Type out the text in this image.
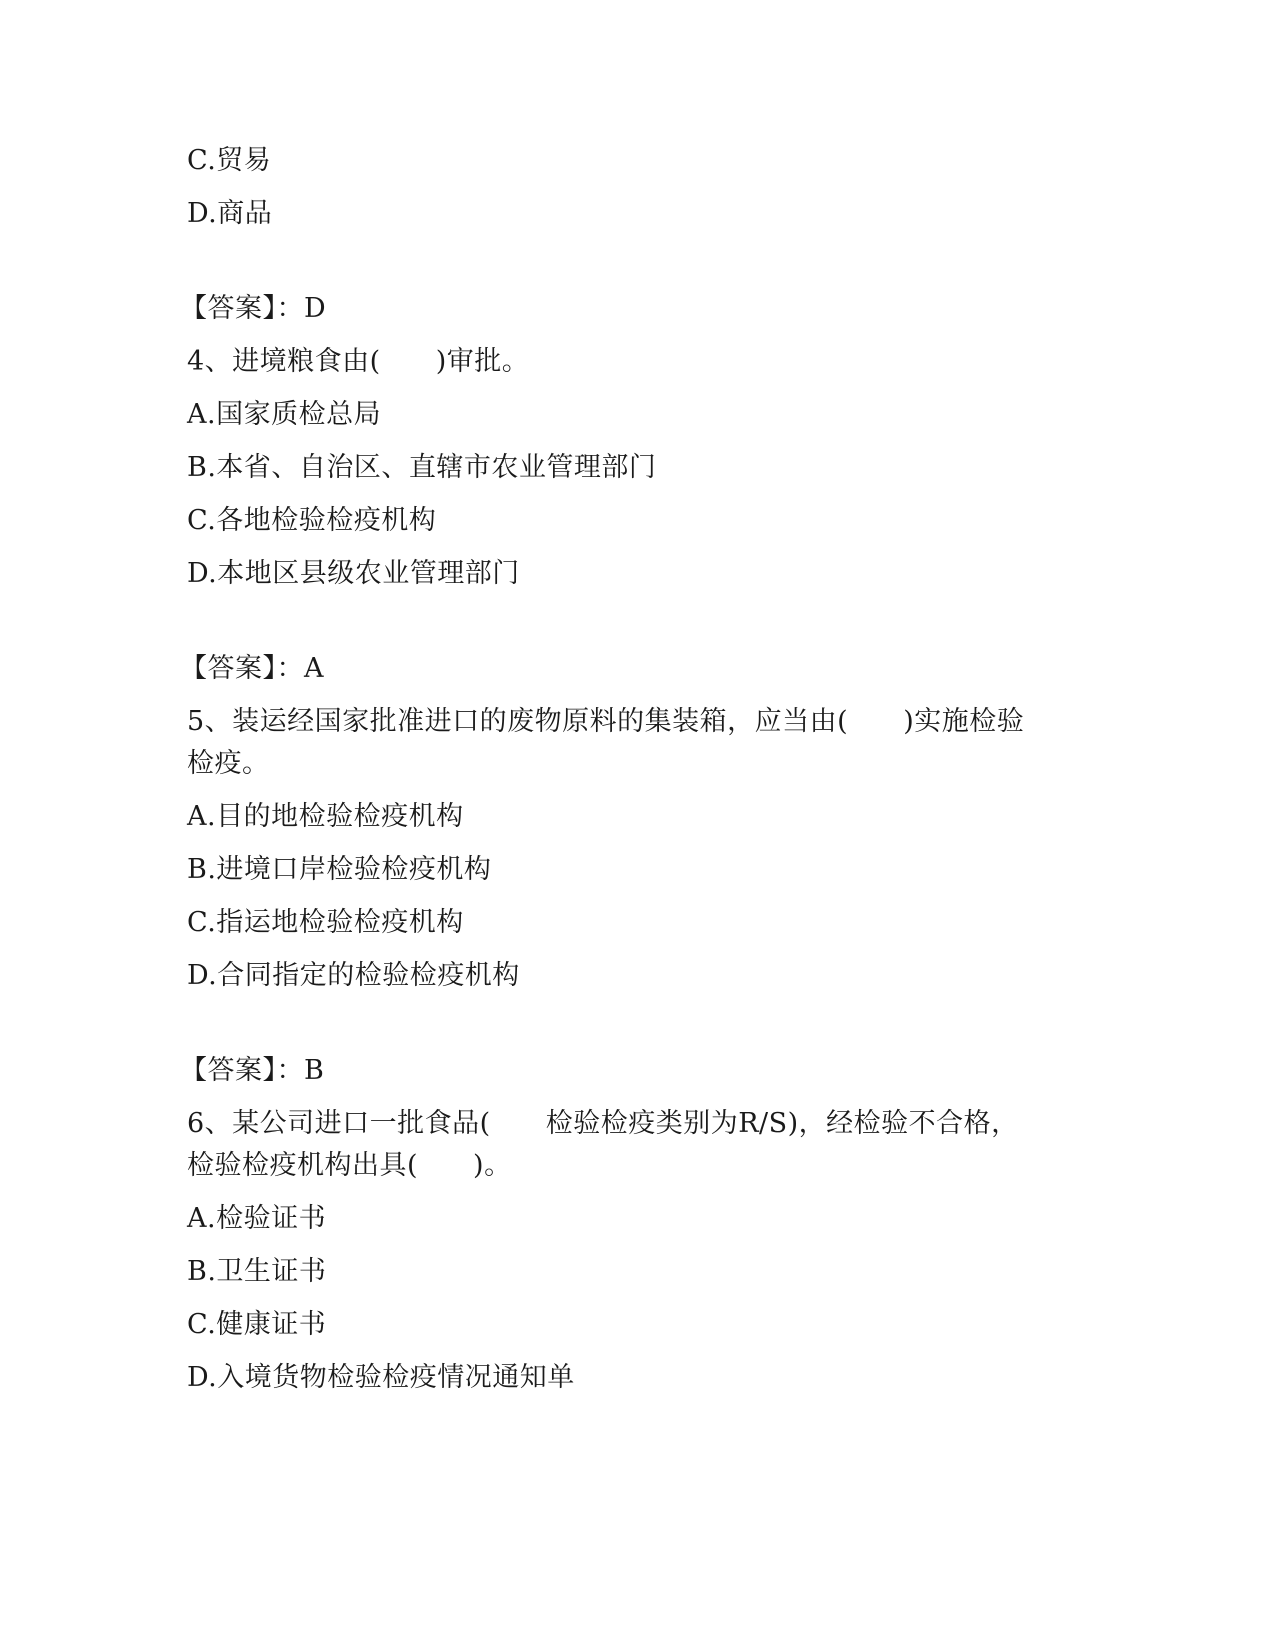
C.贸易
D.商品
【答案】：D
4、进境粮食由(　　)审批。
A.国家质检总局
B.本省、自治区、直辖市农业管理部门
C.各地检验检疫机构
D.本地区县级农业管理部门
【答案】：A
5、装运经国家批准进口的废物原料的集装箱，应当由(　　)实施检验
检疫。
A.目的地检验检疫机构
B.进境口岸检验检疫机构
C.指运地检验检疫机构
D.合同指定的检验检疫机构
【答案】：B
6、某公司进口一批食品(　　检验检疫类别为R/S)，经检验不合格，
检验检疫机构出具(　　)。
A.检验证书
B.卫生证书
C.健康证书
D.入境货物检验检疫情况通知单
